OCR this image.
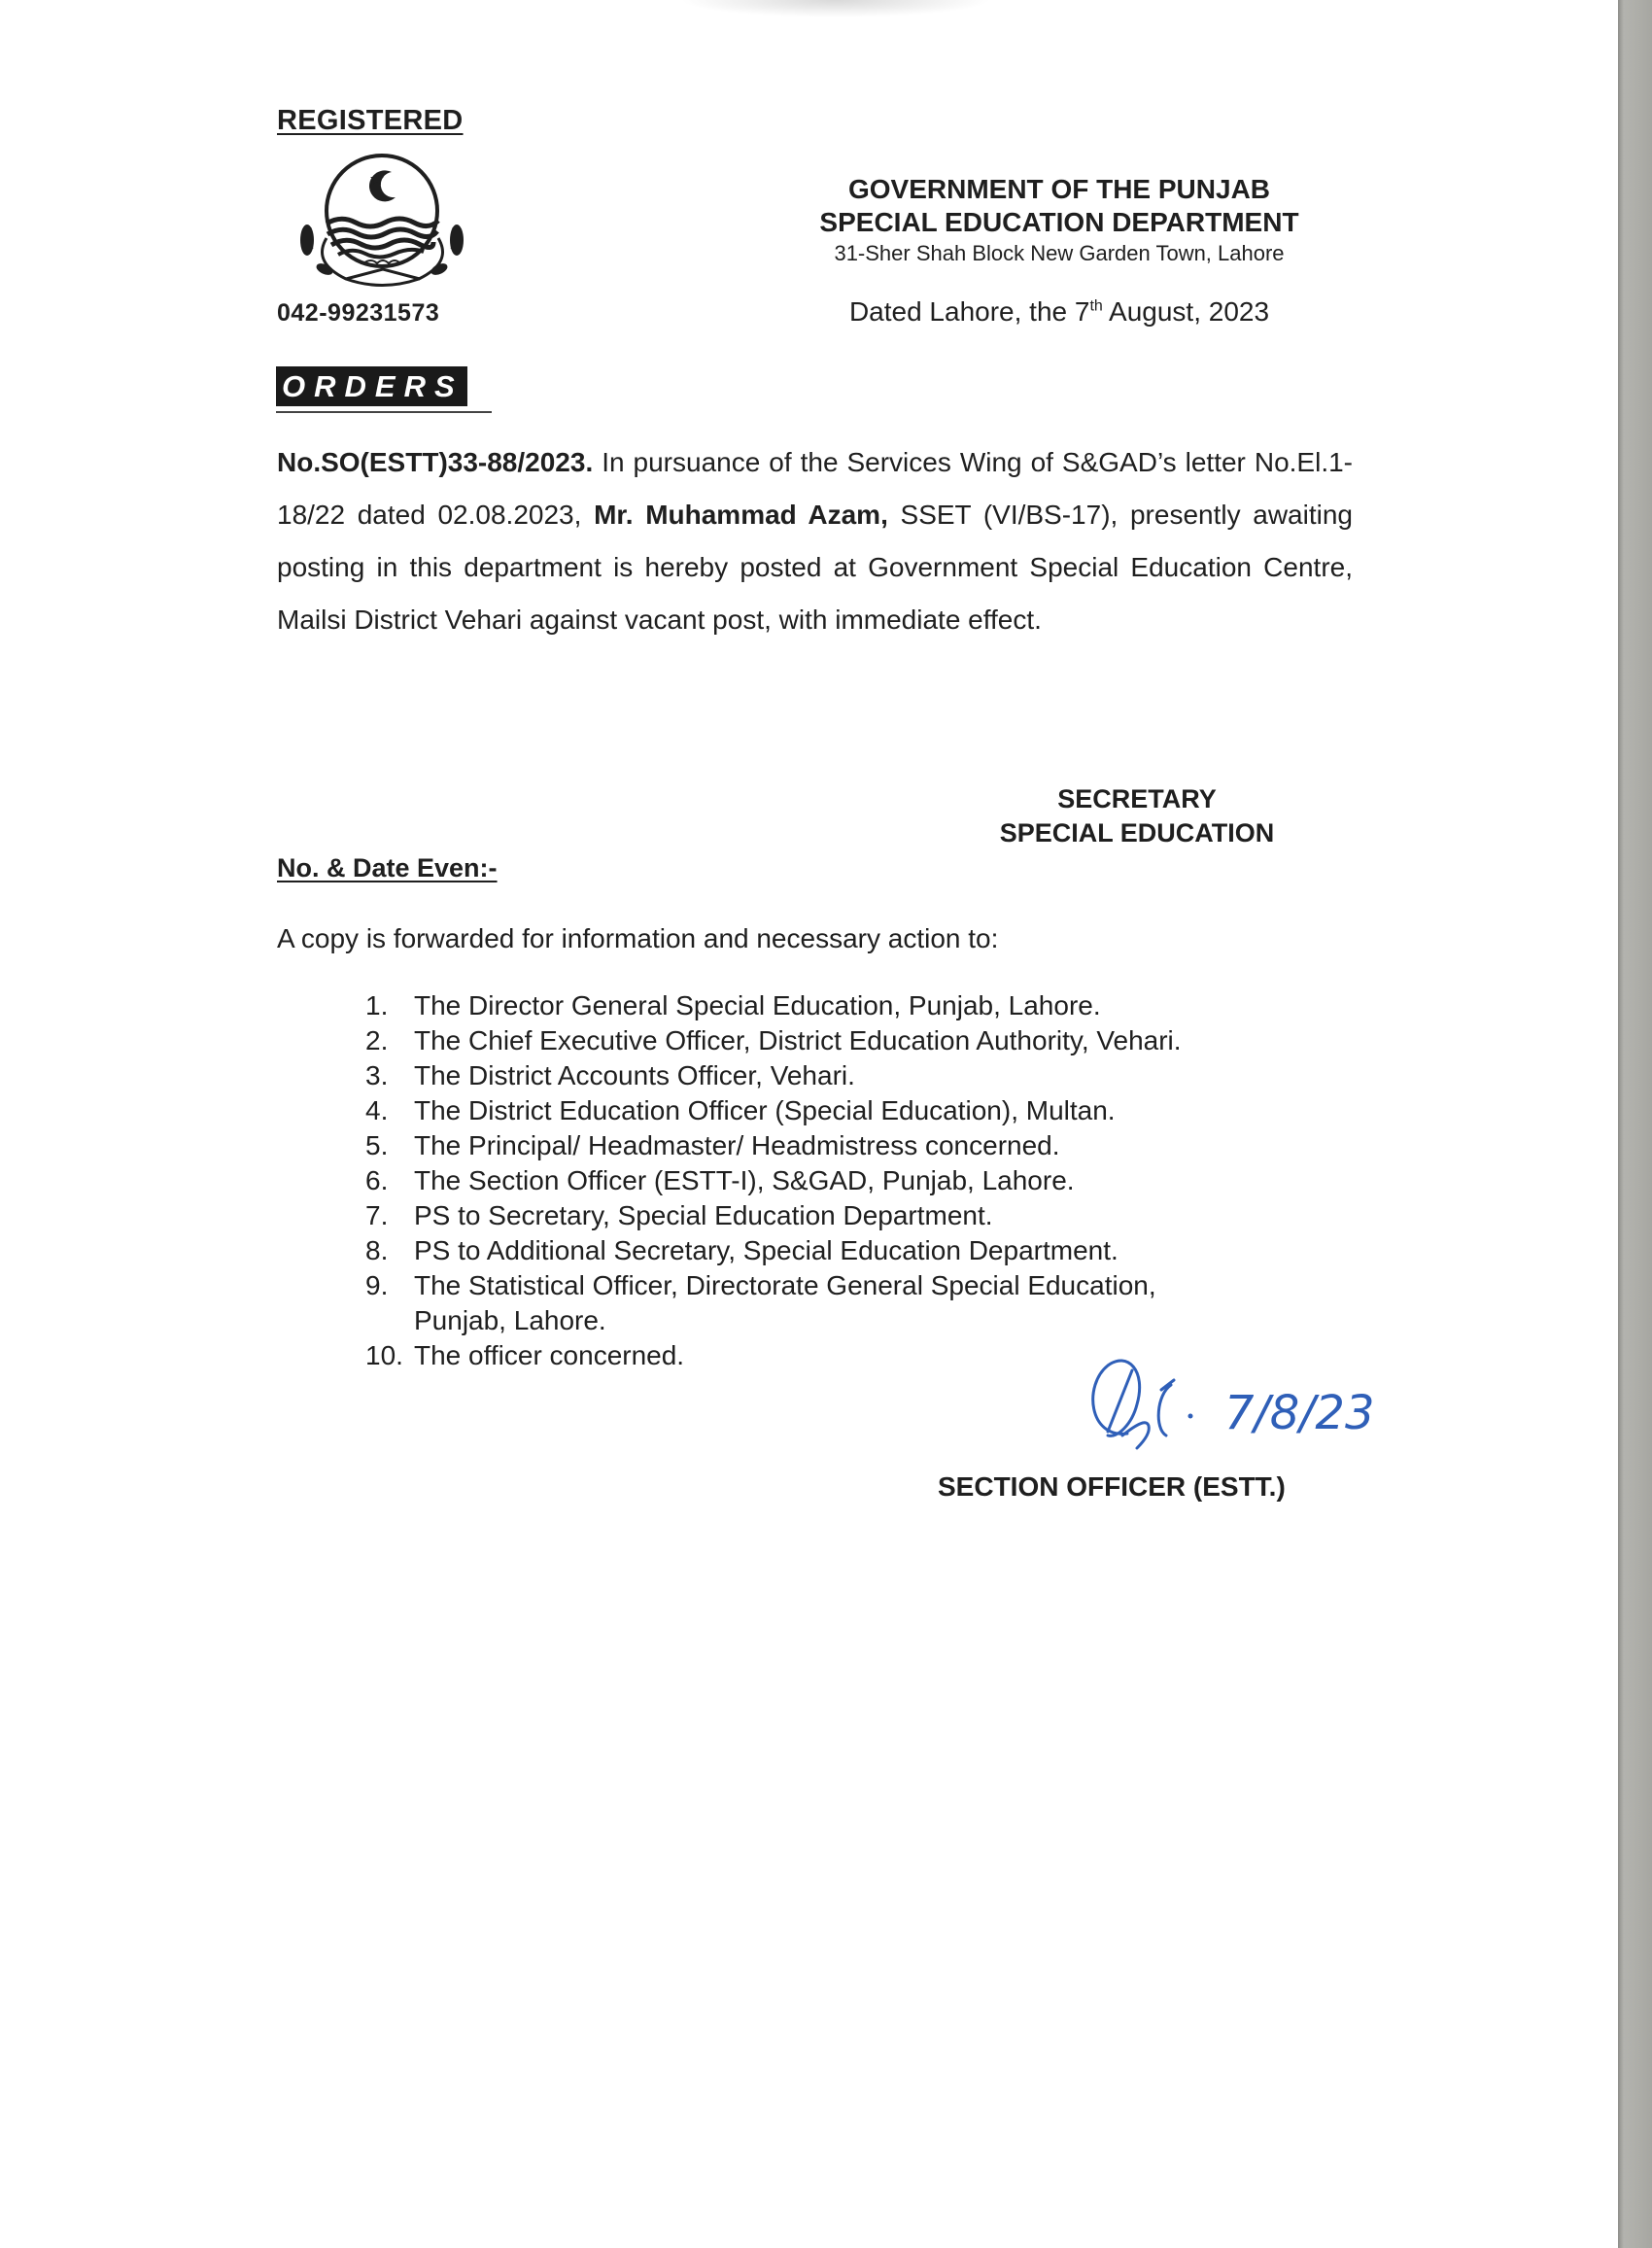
REGISTERED
042-99231573
GOVERNMENT OF THE PUNJAB
SPECIAL EDUCATION DEPARTMENT
31-Sher Shah Block New Garden Town, Lahore
Dated Lahore, the 7th August, 2023
ORDERS
No.SO(ESTT)33-88/2023. In pursuance of the Services Wing of S&GAD’s letter No.El.1-18/22 dated 02.08.2023, Mr. Muhammad Azam, SSET (VI/BS-17), presently awaiting posting in this department is hereby posted at Government Special Education Centre, Mailsi District Vehari against vacant post, with immediate effect.
SECRETARY
SPECIAL EDUCATION
No. & Date Even:-
A copy is forwarded for information and necessary action to:
1. The Director General Special Education, Punjab, Lahore.
2. The Chief Executive Officer, District Education Authority, Vehari.
3. The District Accounts Officer, Vehari.
4. The District Education Officer (Special Education), Multan.
5. The Principal/ Headmaster/ Headmistress concerned.
6. The Section Officer (ESTT-I), S&GAD, Punjab, Lahore.
7. PS to Secretary, Special Education Department.
8. PS to Additional Secretary, Special Education Department.
9. The Statistical Officer, Directorate General Special Education, Punjab, Lahore.
10. The officer concerned.
7/8/23
SECTION OFFICER (ESTT.)
